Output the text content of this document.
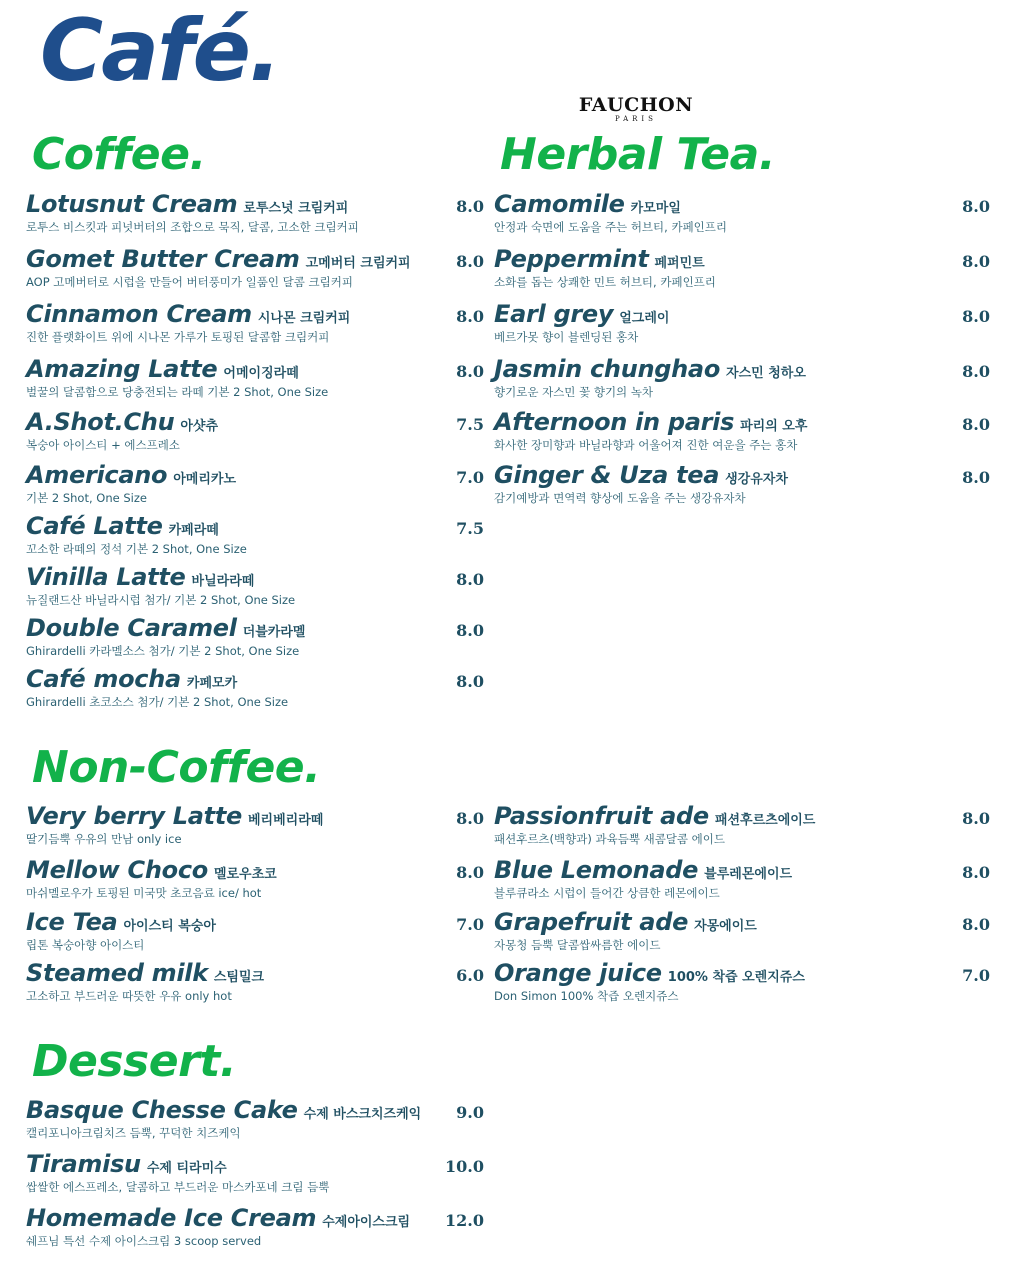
Café.
FAUCHON
PARIS
Coffee.	Herbal Tea.
Non-Coffee.
Dessert.
Lotusnut Cream 로투스넛 크림커피	8.0
로투스 비스킷과 피넛버터의 조합으로 묵직, 달콤, 고소한 크림커피
Gomet Butter Cream 고메버터 크림커피	8.0
AOP 고메버터로 시럽을 만들어 버터풍미가 일품인 달콤 크림커피
Cinnamon Cream 시나몬 크림커피	8.0
진한 플랫화이트 위에 시나몬 가루가 토핑된 달콤함 크림커피
Amazing Latte 어메이징라떼	8.0
벌꿀의 달콤함으로 당충전되는 라떼 기본 2 Shot, One Size
A.Shot.Chu 아샷츄	7.5
복숭아 아이스티 + 에스프레소
Americano 아메리카노	7.0
기본 2 Shot, One Size
Café Latte 카페라떼	7.5
꼬소한 라떼의 정석 기본 2 Shot, One Size
Vinilla Latte 바닐라라떼	8.0
뉴질랜드산 바닐라시럽 첨가/ 기본 2 Shot, One Size
Double Caramel 더블카라멜	8.0
Ghirardelli 카라멜소스 첨가/ 기본 2 Shot, One Size
Café mocha 카페모카	8.0
Ghirardelli 초코소스 첨가/ 기본 2 Shot, One Size
Camomile 카모마일	8.0
안정과 숙면에 도움을 주는 허브티, 카페인프리
Peppermint 페퍼민트	8.0
소화를 돕는 상쾌한 민트 허브티, 카페인프리
Earl grey 얼그레이	8.0
베르가못 향이 블렌딩된 홍차
Jasmin chunghao 자스민 청하오	8.0
향기로운 자스민 꽃 향기의 녹차
Afternoon in paris 파리의 오후	8.0
화사한 장미향과 바닐라향과 어울어져 진한 여운을 주는 홍차
Ginger & Uza tea 생강유자차	8.0
감기예방과 면역력 향상에 도움을 주는 생강유자차
Very berry Latte 베리베리라떼	8.0
딸기듬뿍 우유의 만남 only ice
Mellow Choco 멜로우초코	8.0
마쉬멜로우가 토핑된 미국맛 초코음료 ice/ hot
Ice Tea 아이스티 복숭아	7.0
립톤 복숭아향 아이스티
Steamed milk 스팀밀크	6.0
고소하고 부드러운 따뜻한 우유 only hot
Passionfruit ade 패션후르츠에이드	8.0
패션후르츠(백향과) 과육듬뿍 새콤달콤 에이드
Blue Lemonade 블루레몬에이드	8.0
블루큐라소 시럽이 들어간 상큼한 레몬에이드
Grapefruit ade 자몽에이드	8.0
자몽청 듬뿍 달콤쌉싸름한 에이드
Orange juice 100% 착즙 오렌지쥬스	7.0
Don Simon 100% 착즙 오렌지쥬스
Basque Chesse Cake 수제 바스크치즈케익 9.0
캘리포니아크림치즈 듬뿍, 꾸덕한 치즈케익
Tiramisu 수제 티라미수	10.0
쌉쌀한 에스프레소, 달콤하고 부드러운 마스카포네 크림 듬뿍
Homemade Ice Cream 수제아이스크림 12.0
쉐프님 특선 수제 아이스크림 3 scoop served
